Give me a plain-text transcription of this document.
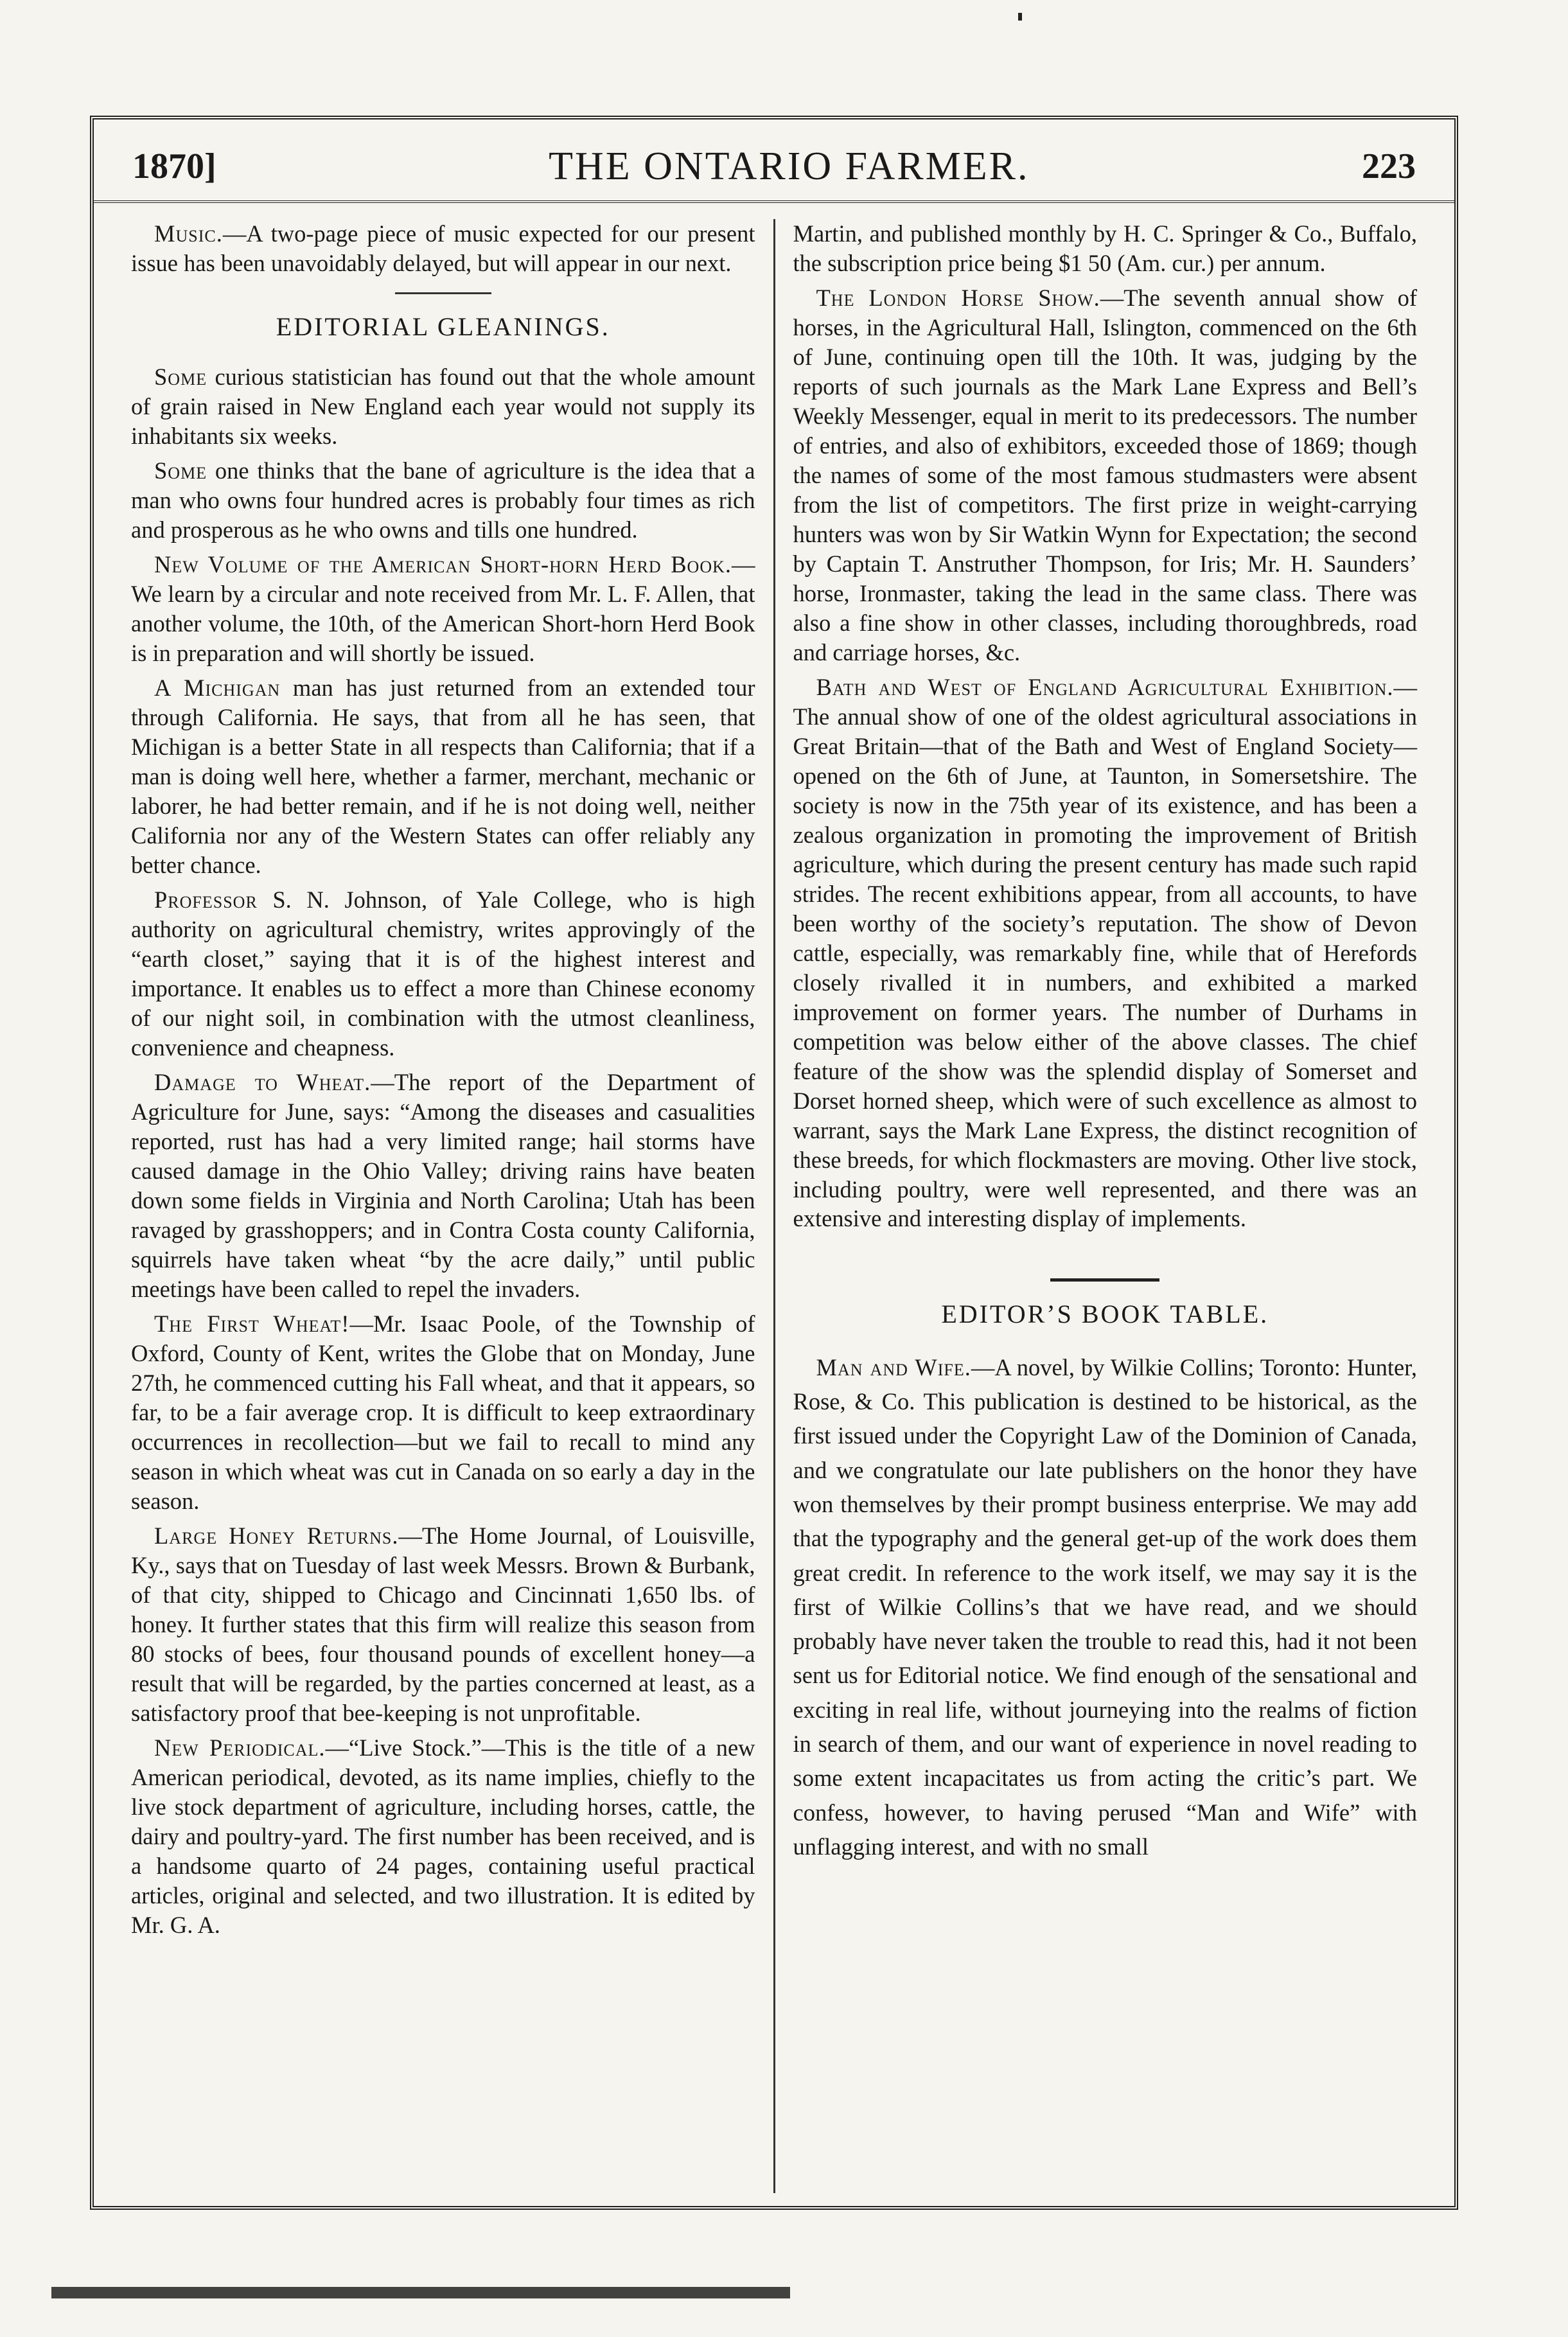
1870]	THE ONTARIO FARMER.	223

Music.—A two-page piece of music expected for our present issue has been unavoidably delayed, but will appear in our next.

EDITORIAL GLEANINGS.

Some curious statistician has found out that the whole amount of grain raised in New England each year would not supply its inhabitants six weeks.

Some one thinks that the bane of agriculture is the idea that a man who owns four hundred acres is probably four times as rich and prosperous as he who owns and tills one hundred.

New Volume of the American Short-horn Herd Book.—We learn by a circular and note received from Mr. L. F. Allen, that another volume, the 10th, of the American Short-horn Herd Book is in preparation and will shortly be issued.

A Michigan man has just returned from an extended tour through California. He says, that from all he has seen, that Michigan is a better State in all respects than California; that if a man is doing well here, whether a farmer, merchant, mechanic or laborer, he had better remain, and if he is not doing well, neither California nor any of the Western States can offer reliably any better chance.

Professor S. N. Johnson, of Yale College, who is high authority on agricultural chemistry, writes approvingly of the “earth closet,” saying that it is of the highest interest and importance. It enables us to effect a more than Chinese economy of our night soil, in combination with the utmost cleanliness, convenience and cheapness.

Damage to Wheat.—The report of the Department of Agriculture for June, says: “Among the diseases and casualities reported, rust has had a very limited range; hail storms have caused damage in the Ohio Valley; driving rains have beaten down some fields in Virginia and North Carolina; Utah has been ravaged by grasshoppers; and in Contra Costa county California, squirrels have taken wheat “by the acre daily,” until public meetings have been called to repel the invaders.

The First Wheat!—Mr. Isaac Poole, of the Township of Oxford, County of Kent, writes the Globe that on Monday, June 27th, he commenced cutting his Fall wheat, and that it appears, so far, to be a fair average crop. It is difficult to keep extraordinary occurrences in recollection—but we fail to recall to mind any season in which wheat was cut in Canada on so early a day in the season.

Large Honey Returns.—The Home Journal, of Louisville, Ky., says that on Tuesday of last week Messrs. Brown & Burbank, of that city, shipped to Chicago and Cincinnati 1,650 lbs. of honey. It further states that this firm will realize this season from 80 stocks of bees, four thousand pounds of excellent honey—a result that will be regarded, by the parties concerned at least, as a satisfactory proof that bee-keeping is not unprofitable.

New Periodical.—“Live Stock.”—This is the title of a new American periodical, devoted, as its name implies, chiefly to the live stock department of agriculture, including horses, cattle, the dairy and poultry-yard. The first number has been received, and is a handsome quarto of 24 pages, containing useful practical articles, original and selected, and two illustration. It is edited by Mr. G. A.

Martin, and published monthly by H. C. Springer & Co., Buffalo, the subscription price being $1 50 (Am. cur.) per annum.

The London Horse Show.—The seventh annual show of horses, in the Agricultural Hall, Islington, commenced on the 6th of June, continuing open till the 10th. It was, judging by the reports of such journals as the Mark Lane Express and Bell’s Weekly Messenger, equal in merit to its predecessors. The number of entries, and also of exhibitors, exceeded those of 1869; though the names of some of the most famous studmasters were absent from the list of competitors. The first prize in weight-carrying hunters was won by Sir Watkin Wynn for Expectation; the second by Captain T. Anstruther Thompson, for Iris; Mr. H. Saunders’ horse, Ironmaster, taking the lead in the same class. There was also a fine show in other classes, including thoroughbreds, road and carriage horses, &c.

Bath and West of England Agricultural Exhibition.—The annual show of one of the oldest agricultural associations in Great Britain—that of the Bath and West of England Society—opened on the 6th of June, at Taunton, in Somersetshire. The society is now in the 75th year of its existence, and has been a zealous organization in promoting the improvement of British agriculture, which during the present century has made such rapid strides. The recent exhibitions appear, from all accounts, to have been worthy of the society’s reputation. The show of Devon cattle, especially, was remarkably fine, while that of Herefords closely rivalled it in numbers, and exhibited a marked improvement on former years. The number of Durhams in competition was below either of the above classes. The chief feature of the show was the splendid display of Somerset and Dorset horned sheep, which were of such excellence as almost to warrant, says the Mark Lane Express, the distinct recognition of these breeds, for which flockmasters are moving. Other live stock, including poultry, were well represented, and there was an extensive and interesting display of implements.

EDITOR’S BOOK TABLE.

Man and Wife.—A novel, by Wilkie Collins; Toronto: Hunter, Rose, & Co. This publication is destined to be historical, as the first issued under the Copyright Law of the Dominion of Canada, and we congratulate our late publishers on the honor they have won themselves by their prompt business enterprise. We may add that the typography and the general get-up of the work does them great credit. In reference to the work itself, we may say it is the first of Wilkie Collins’s that we have read, and we should probably have never taken the trouble to read this, had it not been sent us for Editorial notice. We find enough of the sensational and exciting in real life, without journeying into the realms of fiction in search of them, and our want of experience in novel reading to some extent incapacitates us from acting the critic’s part. We confess, however, to having perused “Man and Wife” with unflagging interest, and with no small
